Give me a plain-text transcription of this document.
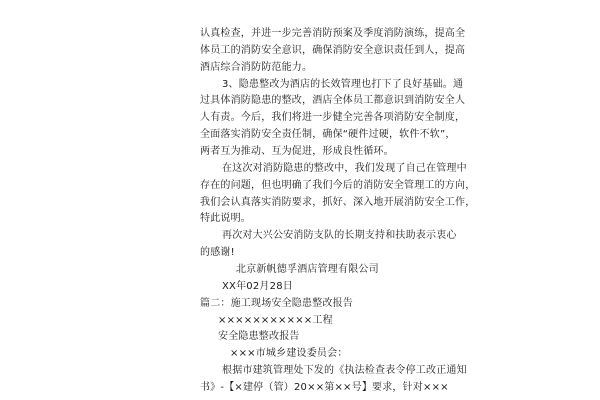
认真检查，并进一步完善消防预案及季度消防演练，提高全
体员工的消防安全意识，确保消防安全意识责任到人，提高
酒店综合消防防范能力。
3、隐患整改为酒店的长效管理也打下了良好基础。通
过具体消防隐患的整改，酒店全体员工都意识到消防安全人
人有责。今后，我们将进一步健全完善各项消防安全制度，
全面落实消防安全责任制，确保“硬件过硬，软件不软”，
两者互为推动、互为促进，形成良性循环。
在这次对消防隐患的整改中，我们发现了自己在管理中
存在的问题，但也明确了我们今后的消防安全管理工的方向，
我们会认真落实消防要求，抓好、深入地开展消防安全工作，
特此说明。
再次对大兴公安消防支队的长期支持和扶助表示衷心
的感谢!
北京新帆德孚酒店管理有限公司
XX年02月28日
篇二：施工现场安全隐患整改报告
×××××××××××工程
安全隐患整改报告
×××市城乡建设委员会：
根据市建筑管理处下发的《执法检查表令停工改正通知
书》-【×建停（管）20××第××号】要求，针对×××
